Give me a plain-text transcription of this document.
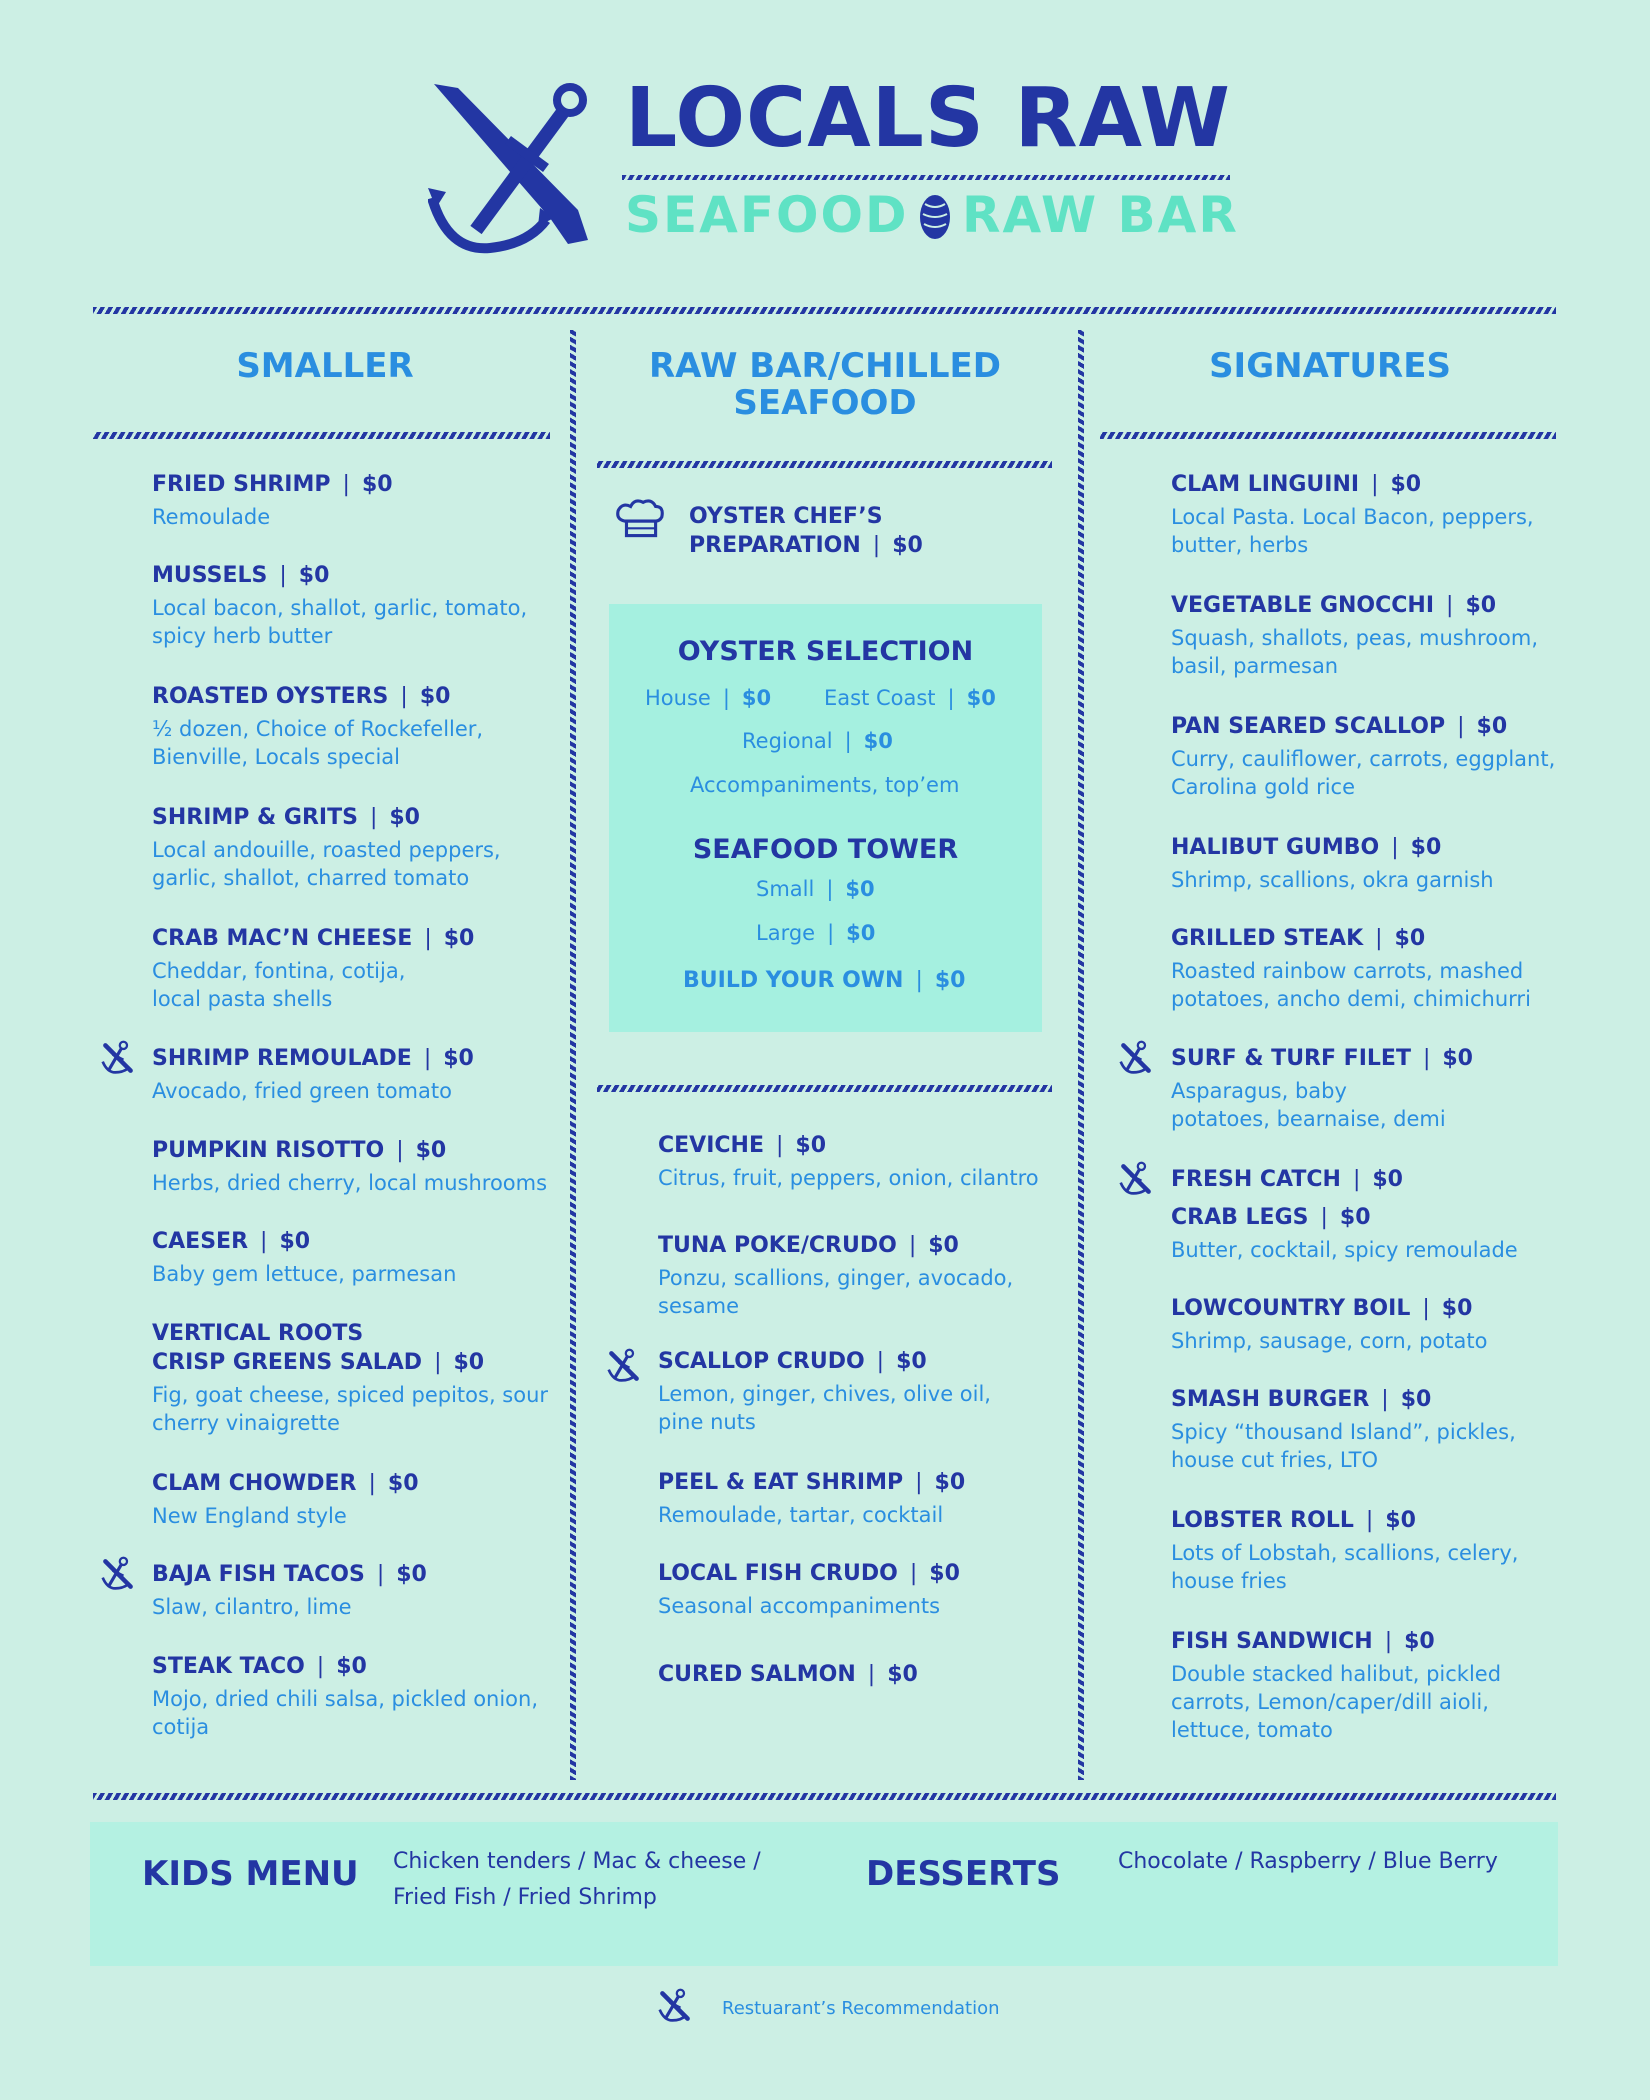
LOCALS RAW
SEAFOOD RAW BAR
SMALLER
FRIED SHRIMP | $0
Remoulade
MUSSELS | $0
Local bacon, shallot, garlic, tomato, spicy herb butter
ROASTED OYSTERS | $0
½ dozen, Choice of Rockefeller, Bienville, Locals special
SHRIMP & GRITS | $0
Local andouille, roasted peppers, garlic, shallot, charred tomato
CRAB MAC’N CHEESE | $0
Cheddar, fontina, cotija, local pasta shells
SHRIMP REMOULADE | $0
Avocado, fried green tomato
PUMPKIN RISOTTO | $0
Herbs, dried cherry, local mushrooms
CAESER | $0
Baby gem lettuce, parmesan
VERTICAL ROOTS
CRISP GREENS SALAD | $0
Fig, goat cheese, spiced pepitos, sour cherry vinaigrette
CLAM CHOWDER | $0
New England style
BAJA FISH TACOS | $0
Slaw, cilantro, lime
STEAK TACO | $0
Mojo, dried chili salsa, pickled onion, cotija
RAW BAR/CHILLED
SEAFOOD
OYSTER CHEF’S
PREPARATION | $0
OYSTER SELECTION
House | $0	East Coast | $0
Regional | $0
Accompaniments, top’em
SEAFOOD TOWER
Small | $0
Large | $0
BUILD YOUR OWN | $0
CEVICHE | $0
Citrus, fruit, peppers, onion, cilantro
TUNA POKE/CRUDO | $0
Ponzu, scallions, ginger, avocado, sesame
SCALLOP CRUDO | $0
Lemon, ginger, chives, olive oil, pine nuts
PEEL & EAT SHRIMP | $0
Remoulade, tartar, cocktail
LOCAL FISH CRUDO | $0
Seasonal accompaniments
CURED SALMON | $0
SIGNATURES
CLAM LINGUINI | $0
Local Pasta. Local Bacon, peppers, butter, herbs
VEGETABLE GNOCCHI | $0
Squash, shallots, peas, mushroom, basil, parmesan
PAN SEARED SCALLOP | $0
Curry, cauliflower, carrots, eggplant, Carolina gold rice
HALIBUT GUMBO | $0
Shrimp, scallions, okra garnish
GRILLED STEAK | $0
Roasted rainbow carrots, mashed potatoes, ancho demi, chimichurri
SURF & TURF FILET | $0
Asparagus, baby potatoes, bearnaise, demi
FRESH CATCH | $0
CRAB LEGS | $0
Butter, cocktail, spicy remoulade
LOWCOUNTRY BOIL | $0
Shrimp, sausage, corn, potato
SMASH BURGER | $0
Spicy “thousand Island”, pickles, house cut fries, LTO
LOBSTER ROLL | $0
Lots of Lobstah, scallions, celery, house fries
FISH SANDWICH | $0
Double stacked halibut, pickled carrots, Lemon/caper/dill aioli, lettuce, tomato
KIDS MENU Chicken tenders / Mac & cheese /
Fried Fish / Fried Shrimp
DESSERTS	Chocolate / Raspberry / Blue Berry
Restuarant’s Recommendation
